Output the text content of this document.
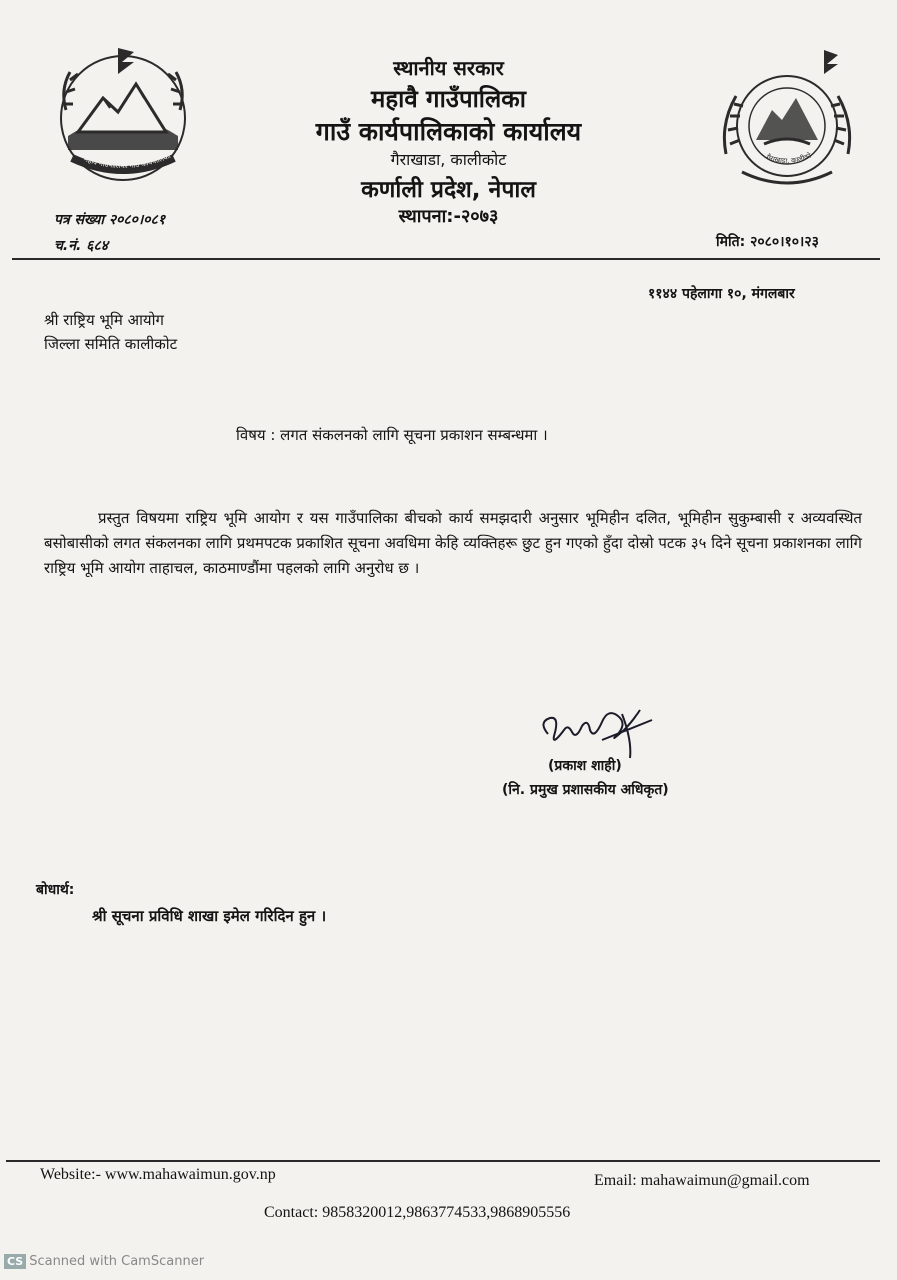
महावै गाउँपालिका गाउँ कार्यपालिका	गैराखाडा, कालीको
स्थानीय सरकार
महावै गाउँपालिका
गाउँ कार्यपालिकाको कार्यालय
गैराखाडा, कालीकोट
कर्णाली प्रदेश, नेपाल
स्थापना:-२०७३
पत्र संख्या २०८०।०८१
च.नं. ६८४	मिति: २०८०।१०।२३
११४४ पहेलागा १०, मंगलबार
श्री राष्ट्रिय भूमि आयोग
जिल्ला समिति कालीकोट
विषय : लगत संकलनको लागि सूचना प्रकाशन सम्बन्धमा ।
प्रस्तुत विषयमा राष्ट्रिय भूमि आयोग र यस गाउँपालिका बीचको कार्य समझदारी अनुसार भूमिहीन दलित, भूमिहीन सुकुम्बासी र अव्यवस्थित बसोबासीको लगत संकलनका लागि प्रथमपटक प्रकाशित सूचना अवधिमा केहि व्यक्तिहरू छुट हुन गएको हुँदा दोस्रो पटक ३५ दिने सूचना प्रकाशनका लागि राष्ट्रिय भूमि आयोग ताहाचल, काठमाण्डौंमा पहलको लागि अनुरोध छ ।
(प्रकाश शाही)
(नि. प्रमुख प्रशासकीय अधिकृत)
बोधार्थ:
श्री सूचना प्रविधि शाखा इमेल गरिदिन हुन ।
Website:- www.mahawaimun.gov.np	Email: mahawaimun@gmail.com
Contact: 9858320012,9863774533,9868905556
CS Scanned with CamScanner
